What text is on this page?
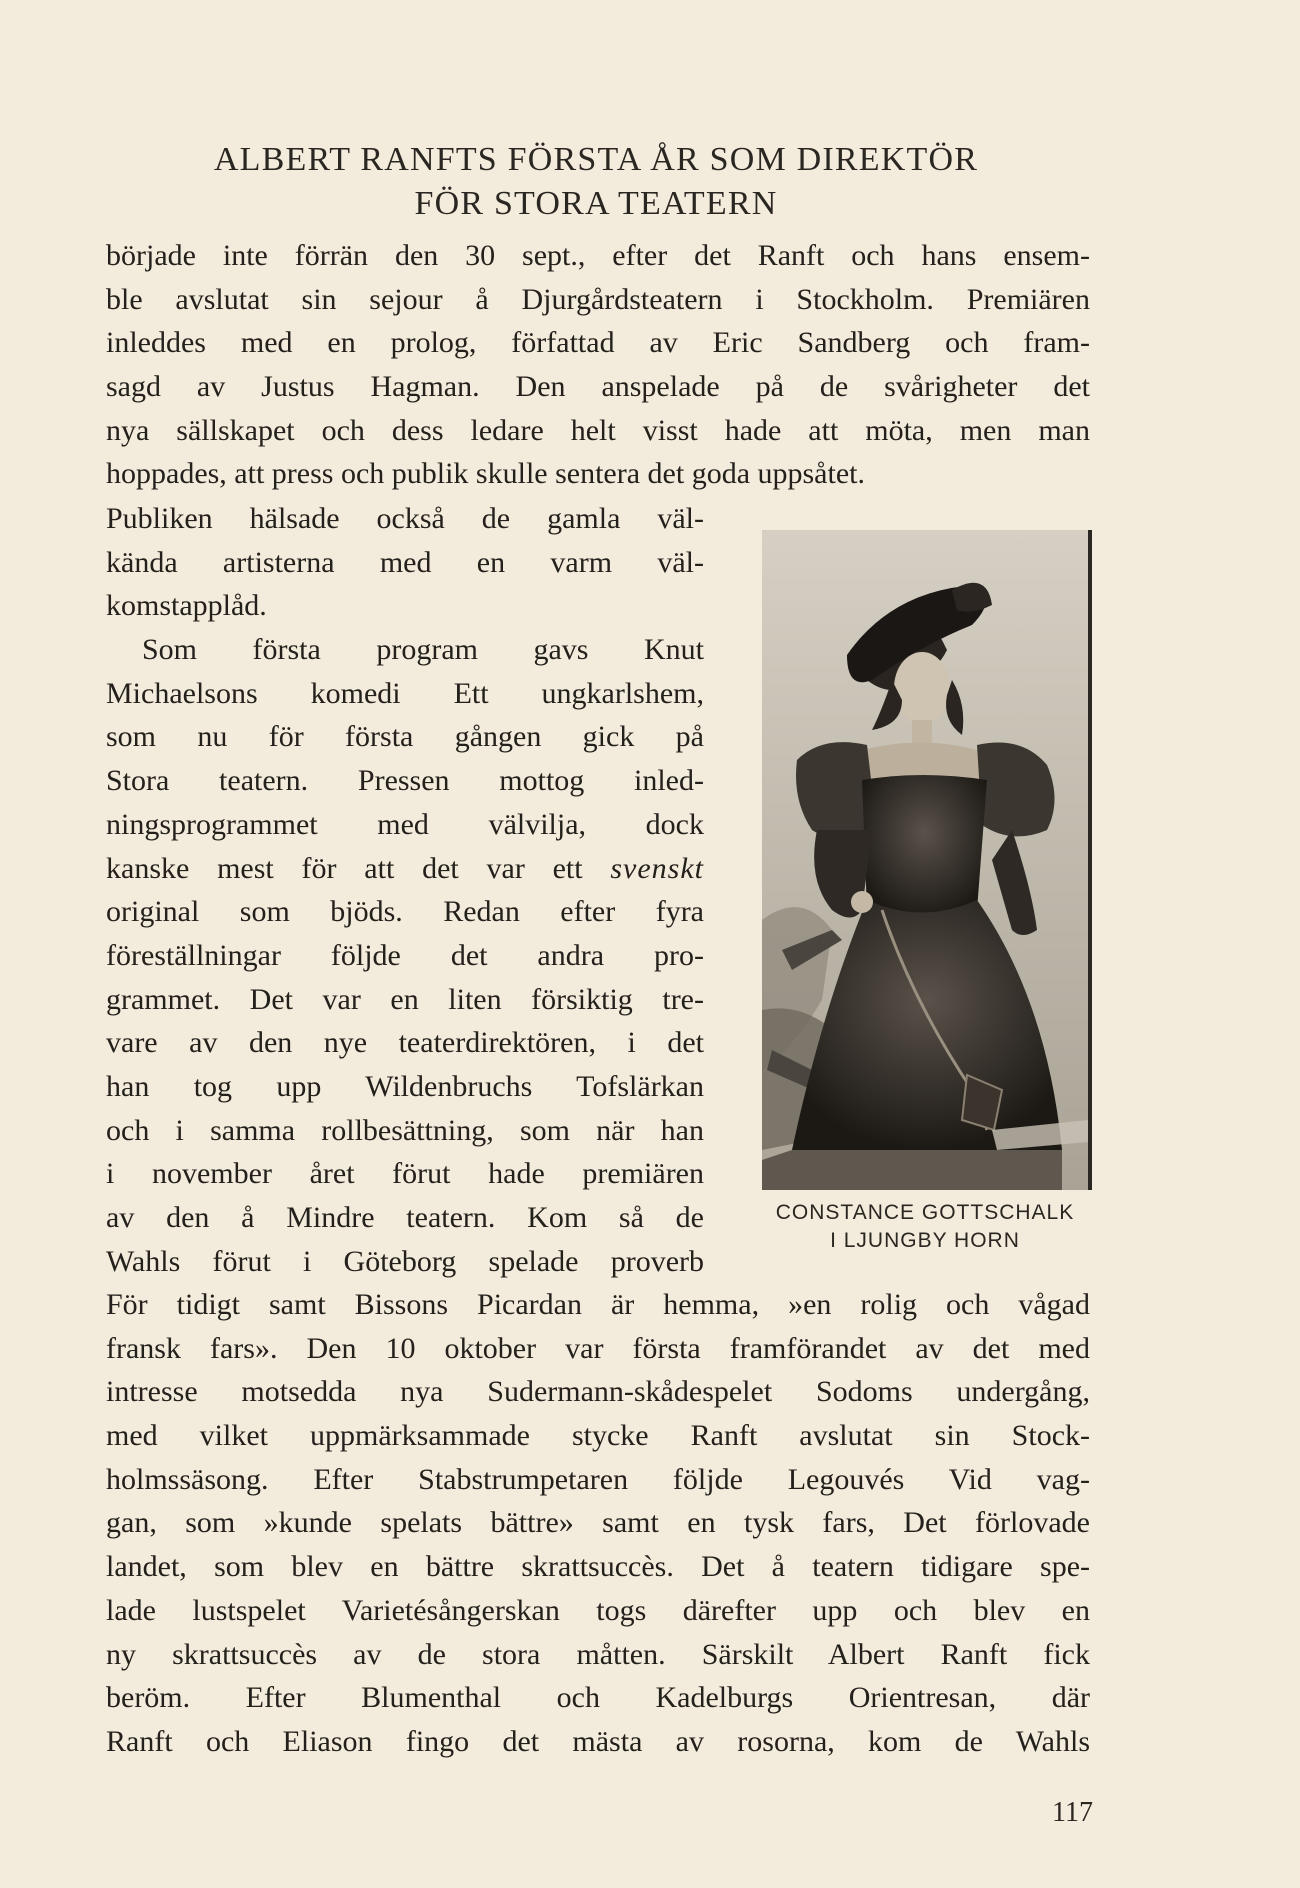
ALBERT RANFTS FÖRSTA ÅR SOM DIREKTÖR
FÖR STORA TEATERN
började inte förrän den 30 sept., efter det Ranft och hans ensem-
ble avslutat sin sejour å Djurgårdsteatern i Stockholm. Premiären
inleddes med en prolog, författad av Eric Sandberg och fram-
sagd av Justus Hagman. Den anspelade på de svårigheter det
nya sällskapet och dess ledare helt visst hade att möta, men man
hoppades, att press och publik skulle sentera det goda uppsåtet.
Publiken hälsade också de gamla väl-
kända artisterna med en varm väl-
komstapplåd.
Som första program gavs Knut
Michaelsons komedi Ett ungkarlshem,
som nu för första gången gick på
Stora teatern. Pressen mottog inled-
ningsprogrammet med välvilja, dock
kanske mest för att det var ett svenskt
original som bjöds. Redan efter fyra
föreställningar följde det andra pro-
grammet. Det var en liten försiktig tre-
vare av den nye teaterdirektören, i det
han tog upp Wildenbruchs Tofslärkan
och i samma rollbesättning, som när han
i november året förut hade premiären
av den å Mindre teatern. Kom så de
Wahls förut i Göteborg spelade proverb
CONSTANCE GOTTSCHALK
I LJUNGBY HORN
För tidigt samt Bissons Picardan är hemma, »en rolig och vågad
fransk fars». Den 10 oktober var första framförandet av det med
intresse motsedda nya Sudermann-skådespelet Sodoms undergång,
med vilket uppmärksammade stycke Ranft avslutat sin Stock-
holmssäsong. Efter Stabstrumpetaren följde Legouvés Vid vag-
gan, som »kunde spelats bättre» samt en tysk fars, Det förlovade
landet, som blev en bättre skrattsuccès. Det å teatern tidigare spe-
lade lustspelet Varietésångerskan togs därefter upp och blev en
ny skrattsuccès av de stora måtten. Särskilt Albert Ranft fick
beröm. Efter Blumenthal och Kadelburgs Orientresan, där
Ranft och Eliason fingo det mästa av rosorna, kom de Wahls
117
